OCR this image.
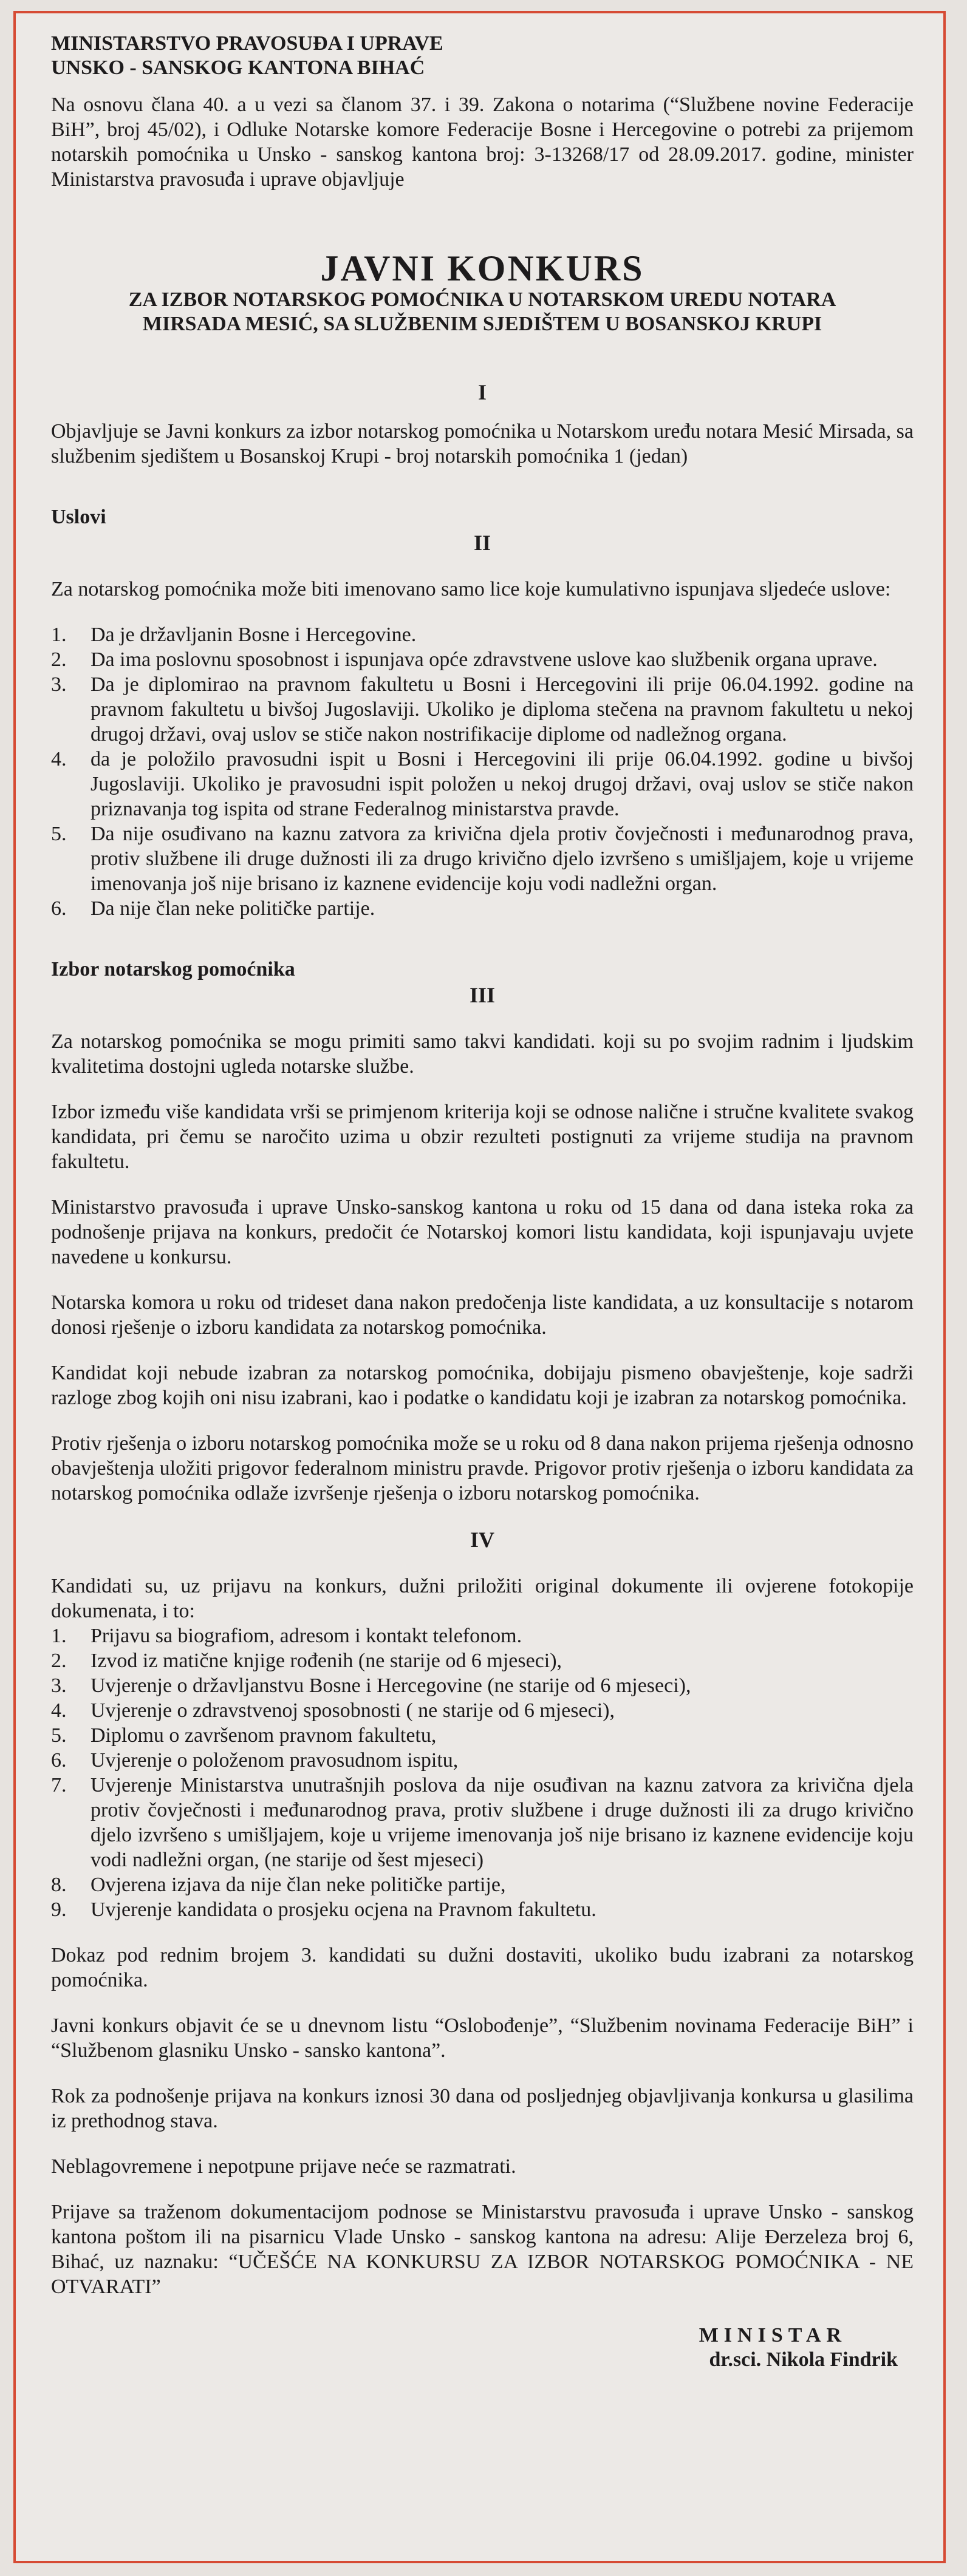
MINISTARSTVO PRAVOSUĐA I UPRAVE
UNSKO - SANSKOG KANTONA BIHAĆ

Na osnovu člana 40. a u vezi sa članom 37. i 39. Zakona o notarima (“Službene novine Federacije BiH”, broj 45/02), i Odluke Notarske komore Federacije Bosne i Hercegovine o potrebi za prijemom notarskih pomoćnika u Unsko - sanskog kantona broj: 3-13268/17 od 28.09.2017. godine, minister Ministarstva pravosuđa i uprave objavljuje

JAVNI KONKURS
ZA IZBOR NOTARSKOG POMOĆNIKA U NOTARSKOM UREDU NOTARA
MIRSADA MESIĆ, SA SLUŽBENIM SJEDIŠTEM U BOSANSKOJ KRUPI
I

Objavljuje se Javni konkurs za izbor notarskog pomoćnika u Notarskom uređu notara Mesić Mirsada, sa službenim sjedištem u Bosanskoj Krupi - broj notarskih pomoćnika 1 (jedan)

Uslovi
II

Za notarskog pomoćnika može biti imenovano samo lice koje kumulativno ispunjava sljedeće uslove:

1. Da je državljanin Bosne i Hercegovine.
2. Da ima poslovnu sposobnost i ispunjava opće zdravstvene uslove kao službenik organa uprave.
3. Da je diplomirao na pravnom fakultetu u Bosni i Hercegovini ili prije 06.04.1992. godine na pravnom fakultetu u bivšoj Jugoslaviji. Ukoliko je diploma stečena na pravnom fakultetu u nekoj drugoj državi, ovaj uslov se stiče nakon nostrifikacije diplome od nadležnog organa.
4. da je položilo pravosudni ispit u Bosni i Hercegovini ili prije 06.04.1992. godine u bivšoj Jugoslaviji. Ukoliko je pravosudni ispit položen u nekoj drugoj državi, ovaj uslov se stiče nakon priznavanja tog ispita od strane Federalnog ministarstva pravde.
5. Da nije osuđivano na kaznu zatvora za krivična djela protiv čovječnosti i međunarodnog prava, protiv službene ili druge dužnosti ili za drugo krivično djelo izvršeno s umišljajem, koje u vrijeme imenovanja još nije brisano iz kaznene evidencije koju vodi nadležni organ.
6. Da nije član neke političke partije.
Izbor notarskog pomoćnika
III

Za notarskog pomoćnika se mogu primiti samo takvi kandidati. koji su po svojim radnim i ljudskim kvalitetima dostojni ugleda notarske službe.

Izbor između više kandidata vrši se primjenom kriterija koji se odnose nalične i stručne kvalitete svakog kandidata, pri čemu se naročito uzima u obzir rezulteti postignuti za vrijeme studija na pravnom fakultetu.

Ministarstvo pravosuđa i uprave Unsko-sanskog kantona u roku od 15 dana od dana isteka roka za podnošenje prijava na konkurs, predočit će Notarskoj komori listu kandidata, koji ispunjavaju uvjete navedene u konkursu.

Notarska komora u roku od trideset dana nakon predočenja liste kandidata, a uz konsultacije s notarom donosi rješenje o izboru kandidata za notarskog pomoćnika.

Kandidat koji nebude izabran za notarskog pomoćnika, dobijaju pismeno obavještenje, koje sadrži razloge zbog kojih oni nisu izabrani, kao i podatke o kandidatu koji je izabran za notarskog pomoćnika.

Protiv rješenja o izboru notarskog pomoćnika može se u roku od 8 dana nakon prijema rješenja odnosno obavještenja uložiti prigovor federalnom ministru pravde. Prigovor protiv rješenja o izboru kandidata za notarskog pomoćnika odlaže izvršenje rješenja o izboru notarskog pomoćnika.

IV

Kandidati su, uz prijavu na konkurs, dužni priložiti original dokumente ili ovjerene fotokopije dokumenata, i to:

1. Prijavu sa biografiom, adresom i kontakt telefonom.
2. Izvod iz matične knjige rođenih (ne starije od 6 mjeseci),
3. Uvjerenje o državljanstvu Bosne i Hercegovine (ne starije od 6 mjeseci),
4. Uvjerenje o zdravstvenoj sposobnosti ( ne starije od 6 mjeseci),
5. Diplomu o završenom pravnom fakultetu,
6. Uvjerenje o položenom pravosudnom ispitu,
7. Uvjerenje Ministarstva unutrašnjih poslova da nije osuđivan na kaznu zatvora za krivična djela protiv čovječnosti i međunarodnog prava, protiv službene i druge dužnosti ili za drugo krivično djelo izvršeno s umišljajem, koje u vrijeme imenovanja još nije brisano iz kaznene evidencije koju vodi nadležni organ, (ne starije od šest mjeseci)
8. Ovjerena izjava da nije član neke političke partije,
9. Uvjerenje kandidata o prosjeku ocjena na Pravnom fakultetu.

Dokaz pod rednim brojem 3. kandidati su dužni dostaviti, ukoliko budu izabrani za notarskog pomoćnika.

Javni konkurs objavit će se u dnevnom listu “Oslobođenje”, “Službenim novinama Federacije BiH” i “Službenom glasniku Unsko - sansko kantona”.

Rok za podnošenje prijava na konkurs iznosi 30 dana od posljednjeg objavljivanja konkursa u glasilima iz prethodnog stava.

Neblagovremene i nepotpune prijave neće se razmatrati.

Prijave sa traženom dokumentacijom podnose se Ministarstvu pravosuđa i uprave Unsko - sanskog kantona poštom ili na pisarnicu Vlade Unsko - sanskog kantona na adresu: Alije Đerzeleza broj 6, Bihać, uz naznaku: “UČEŠĆE NA KONKURSU ZA IZBOR NOTARSKOG POMOĆNIKA - NE OTVARATI”

MINISTAR
dr.sci. Nikola Findrik
